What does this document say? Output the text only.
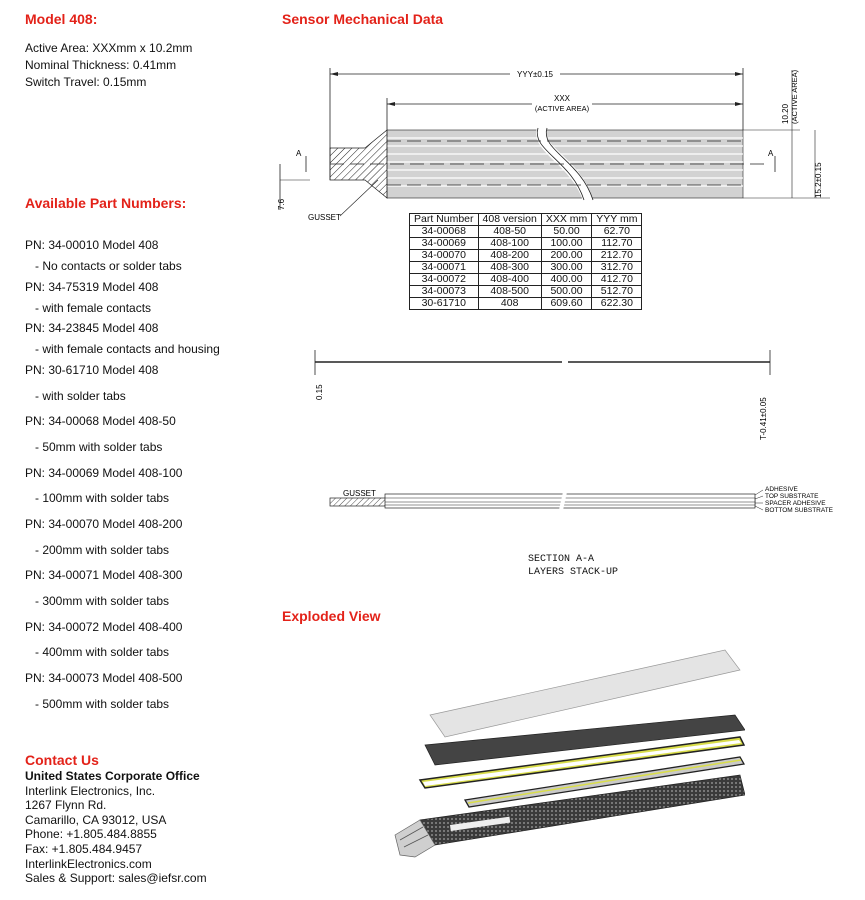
Model 408:
Active Area: XXXmm x 10.2mm
Nominal Thickness: 0.41mm
Switch Travel: 0.15mm
Available Part Numbers:
PN: 34-00010 Model 408
- No contacts or solder tabs
PN: 34-75319 Model 408
- with female contacts
PN: 34-23845 Model 408
- with female contacts and housing
PN: 30-61710 Model 408
- with solder tabs
PN: 34-00068 Model 408-50
- 50mm with solder tabs
PN: 34-00069 Model 408-100
- 100mm with solder tabs
PN: 34-00070 Model 408-200
- 200mm with solder tabs
PN: 34-00071 Model 408-300
- 300mm with solder tabs
PN: 34-00072 Model 408-400
- 400mm with solder tabs
PN: 34-00073 Model 408-500
- 500mm with solder tabs
Contact Us
United States Corporate Office
Interlink Electronics, Inc.
1267 Flynn Rd.
Camarillo, CA 93012, USA
Phone: +1.805.484.8855
Fax: +1.805.484.9457
InterlinkElectronics.com
Sales & Support: sales@iefsr.com
Sensor Mechanical Data
YYY±0.15
XXX
(ACTIVE AREA)
A	A
7.6
10.20 (ACTIVE AREA)
15.2±0.15
GUSSET	Part Number	408 version	XXX mm	YYY mm
34-00068	408-50	50.00	62.70
34-00069	408-100	100.00	112.70
34-00070	408-200	200.00	212.70
34-00071	408-300	300.00	312.70
34-00072	408-400	400.00	412.70
34-00073	408-500	500.00	512.70
30-61710	408	609.60	622.30
0.15
T-0.41±0.05
GUSSET	ADHESIVE
TOP SUBSTRATE
SPACER ADHESIVE
BOTTOM SUBSTRATE
SECTION A-A
LAYERS STACK-UP
Exploded View
